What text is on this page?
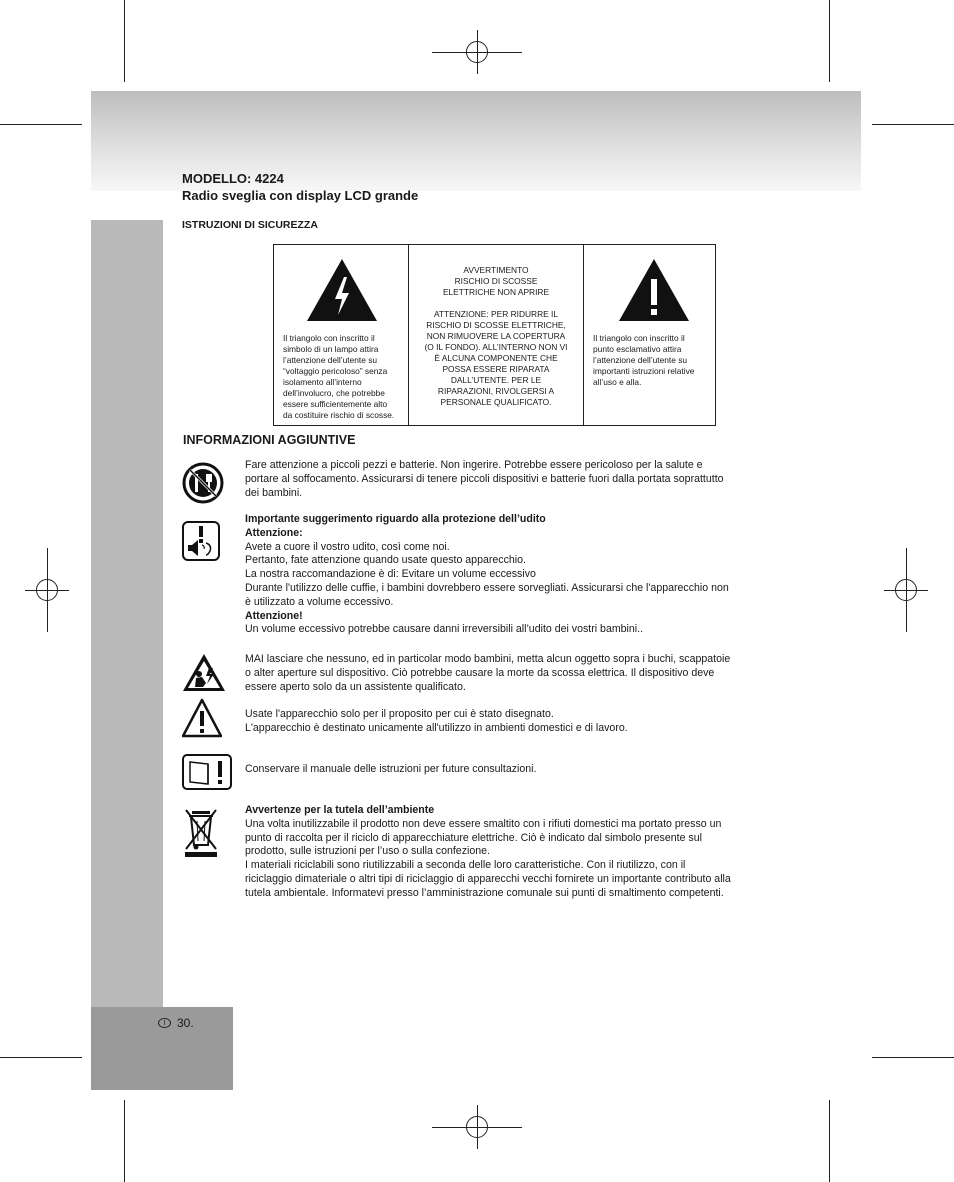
MODELLO: 4224
Radio sveglia con display LCD grande
ISTRUZIONI DI SICUREZZA
Il triangolo con inscritto il
simbolo di un lampo attira
l’attenzione dell’utente su
“voltaggio pericoloso” senza
isolamento all’interno
dell’involucro, che potrebbe
essere sufficientemente alto
da costituire rischio di scosse.
AVVERTIMENTO
RISCHIO DI SCOSSE
ELETTRICHE NON APRIRE
ATTENZIONE: PER RIDURRE IL
RISCHIO DI SCOSSE ELETTRICHE,
NON RIMUOVERE LA COPERTURA
(O IL FONDO). ALL’INTERNO NON VI
È ALCUNA COMPONENTE CHE
POSSA ESSERE RIPARATA
DALL’UTENTE. PER LE
RIPARAZIONI, RIVOLGERSI A
PERSONALE QUALIFICATO.
Il triangolo con inscritto il
punto esclamativo attira
l’attenzione dell’utente su
importanti istruzioni relative
all’uso e alla.
INFORMAZIONI AGGIUNTIVE
Fare attenzione a piccoli pezzi e batterie. Non ingerire. Potrebbe essere pericoloso per la salute e
portare al soffocamento. Assicurarsi di tenere piccoli dispositivi e batterie fuori dalla portata soprattutto
dei bambini.

Importante suggerimento riguardo alla protezione dell’udito

Attenzione:

Avete a cuore il vostro udito, così come noi.
Pertanto, fate attenzione quando usate questo apparecchio.
La nostra raccomandazione è di: Evitare un volume eccessivo
Durante l'utilizzo delle cuffie, i bambini dovrebbero essere sorvegliati. Assicurarsi che l'apparecchio non
è utilizzato a volume eccessivo.

Attenzione!

Un volume eccessivo potrebbe causare danni irreversibili all’udito dei vostri bambini..

MAI lasciare che nessuno, ed in particolar modo bambini, metta alcun oggetto sopra i buchi, scappatoie
o alter aperture sul dispositivo. Ciò potrebbe causare la morte da scossa elettrica. Il dispositivo deve
essere aperto solo da un assistente qualificato.
Usate l'apparecchio solo per il proposito per cui è stato disegnato.
L'apparecchio è destinato unicamente all'utilizzo in ambienti domestici e di lavoro.

Conservare il manuale delle istruzioni per future consultazioni.

Avvertenze per la tutela dell’ambiente

Una volta inutilizzabile il prodotto non deve essere smaltito con i rifiuti domestici ma portato presso un
punto di raccolta per il riciclo di apparecchiature elettriche. Ciò è indicato dal simbolo presente sul
prodotto, sulle istruzioni per l’uso o sulla confezione.
I materiali riciclabili sono riutilizzabili a seconda delle loro caratteristiche. Con il riutilizzo, con il
riciclaggio dimateriale o altri tipi di riciclaggio di apparecchi vecchi fornirete un importante contributo alla
tutela ambientale. Informatevi presso l’amministrazione comunale sui punti di smaltimento competenti.
I 30.
